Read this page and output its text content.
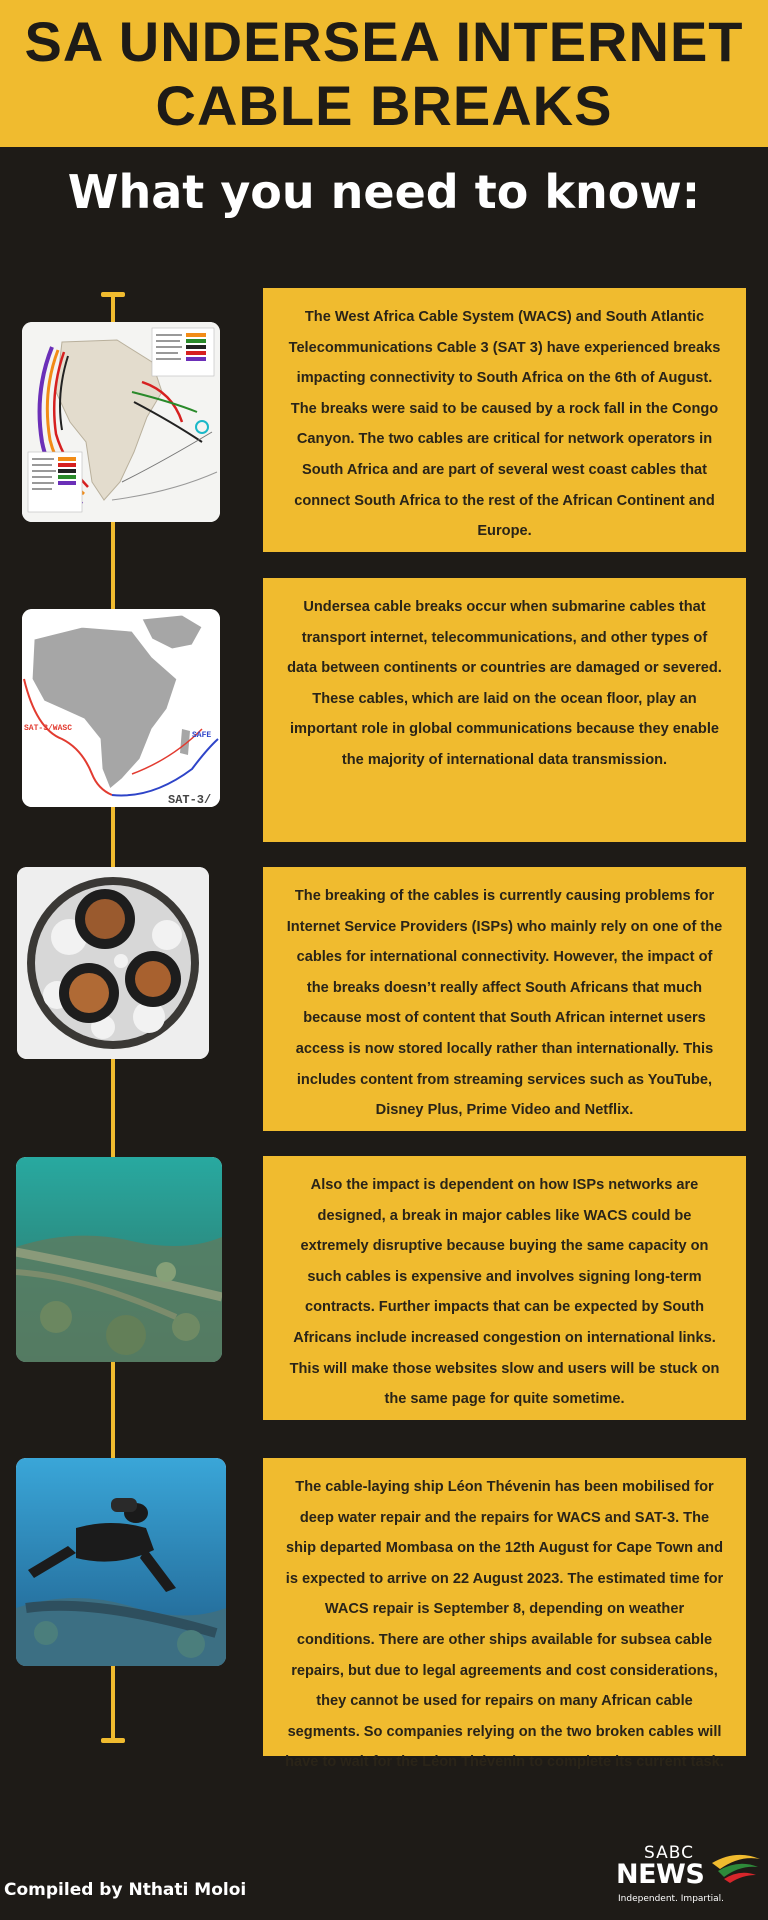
SA UNDERSEA INTERNET
CABLE BREAKS
What you need to know:
SAT-3/WASC
SAFE
SAT-3/

The West Africa Cable System (WACS) and South Atlantic Telecommunications Cable 3 (SAT 3) have experienced breaks impacting connectivity to South Africa on the 6th of August. The breaks were said to be caused by a rock fall in the Congo Canyon. The two cables are critical for network operators in South Africa and are part of several west coast cables that connect South Africa to the rest of the African Continent and Europe.

Undersea cable breaks occur when submarine cables that transport internet, telecommunications, and other types of data between continents or countries are damaged or severed. These cables, which are laid on the ocean floor, play an important role in global communications because they enable the majority of international data transmission.

The breaking of the cables is currently causing problems for Internet Service Providers (ISPs) who mainly rely on one of the cables for international connectivity. However, the impact of the breaks doesn’t really affect South Africans that much because most of content that South African internet users access is now stored locally rather than internationally. This includes content from streaming services such as YouTube, Disney Plus, Prime Video and Netflix.

Also the impact is dependent on how ISPs networks are designed, a break in major cables like WACS could be extremely disruptive because buying the same capacity on such cables is expensive and involves signing long-term contracts. Further impacts that can be expected by South Africans include increased congestion on international links. This will make those websites slow and users will be stuck on the same page for quite sometime.

The cable-laying ship Léon Thévenin has been mobilised for deep water repair and the repairs for WACS and SAT-3. The ship departed Mombasa on the 12th August for Cape Town and is expected to arrive on 22 August 2023. The estimated time for WACS repair is September 8, depending on weather conditions. There are other ships available for subsea cable repairs, but due to legal agreements and cost considerations, they cannot be used for repairs on many African cable segments. So companies relying on the two broken cables will have to wait for the Léon Thévenin to complete its current task.

Compiled by Nthati Moloi
SABC
NEWS
Independent. Impartial.
